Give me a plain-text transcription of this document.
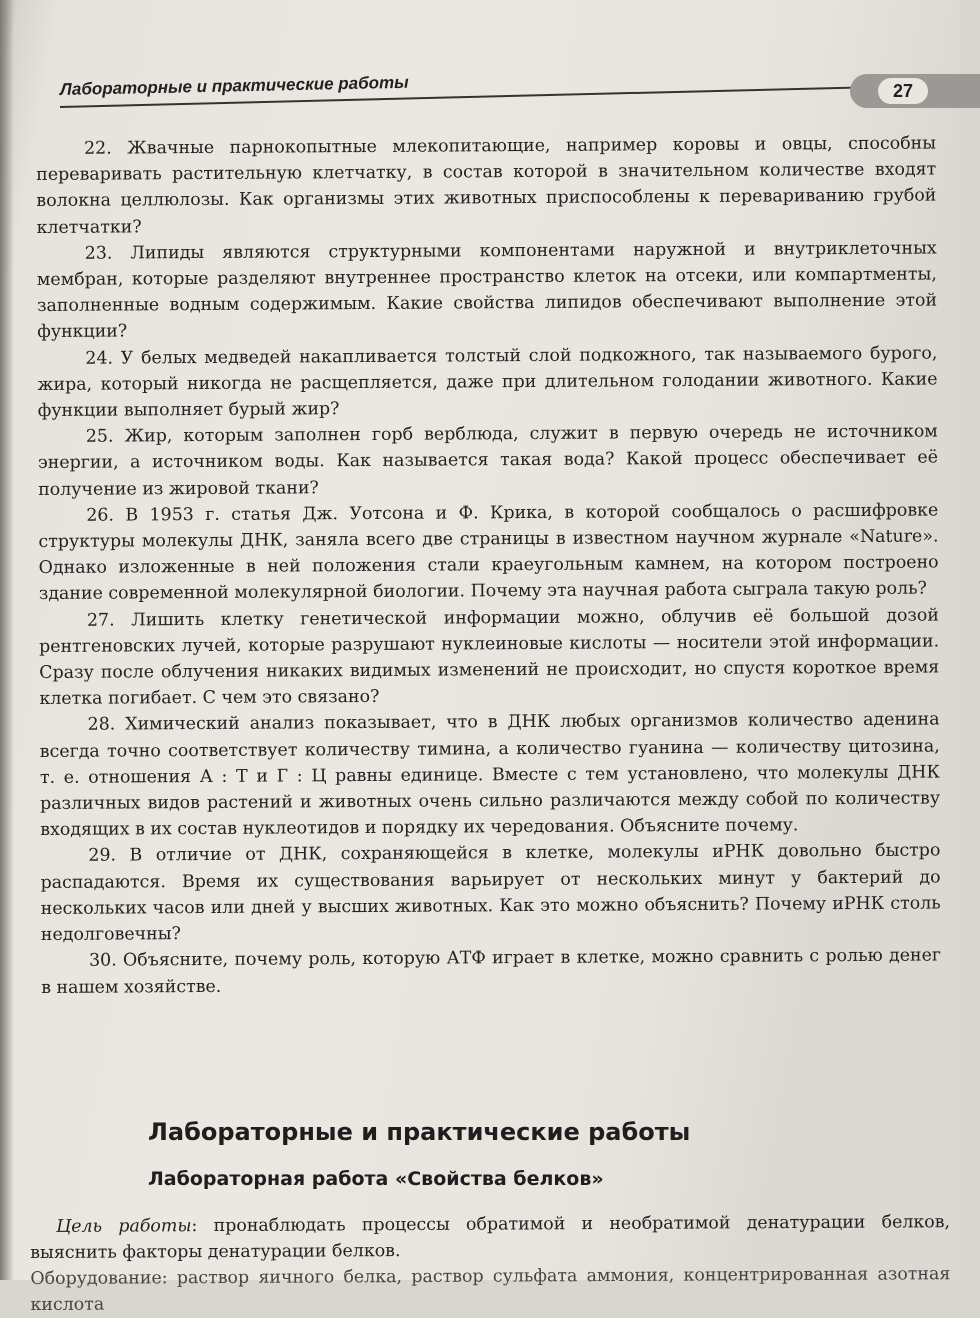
Лабораторные и практические работы	27

22. Жвачные парнокопытные млекопитающие, например коровы и овцы, способны переваривать растительную клетчатку, в состав которой в значительном количестве входят волокна целлюлозы. Как организмы этих животных приспособлены к перевариванию грубой клетчатки?

23. Липиды являются структурными компонентами наружной и внутриклеточных мембран, которые разделяют внутреннее пространство клеток на отсеки, или компартменты, заполненные водным содержимым. Какие свойства липидов обеспечивают выполнение этой функции?

24. У белых медведей накапливается толстый слой подкожного, так называемого бурого, жира, который никогда не расщепляется, даже при длительном голодании животного. Какие функции выполняет бурый жир?

25. Жир, которым заполнен горб верблюда, служит в первую очередь не источником энергии, а источником воды. Как называется такая вода? Какой процесс обеспечивает её получение из жировой ткани?

26. В 1953 г. статья Дж. Уотсона и Ф. Крика, в которой сообщалось о расшифровке структуры молекулы ДНК, заняла всего две страницы в известном научном журнале «Nature». Однако изложенные в ней положения стали краеугольным камнем, на котором построено здание современной молекулярной биологии. Почему эта научная работа сыграла такую роль?

27. Лишить клетку генетической информации можно, облучив её большой дозой рентгеновских лучей, которые разрушают нуклеиновые кислоты — носители этой информации. Сразу после облучения никаких видимых изменений не происходит, но спустя короткое время клетка погибает. С чем это связано?

28. Химический анализ показывает, что в ДНК любых организмов количество аденина всегда точно соответствует количеству тимина, а количество гуанина — количеству цитозина, т. е. отношения А : Т и Г : Ц равны единице. Вместе с тем установлено, что молекулы ДНК различных видов растений и животных очень сильно различаются между собой по количеству входящих в их состав нуклеотидов и порядку их чередования. Объясните почему.

29. В отличие от ДНК, сохраняющейся в клетке, молекулы иРНК довольно быстро распадаются. Время их существования варьирует от нескольких минут у бактерий до нескольких часов или дней у высших животных. Как это можно объяснить? Почему иРНК столь недолговечны?

30. Объясните, почему роль, которую АТФ играет в клетке, можно сравнить с ролью денег в нашем хозяйстве.

Лабораторные и практические работы
Лабораторная работа «Свойства белков»
Цель работы: пронаблюдать процессы обратимой и необратимой денатурации белков, выяснить факторы денатурации белков.
Оборудование: раствор яичного белка, раствор сульфата аммония, концентрированная азотная кислота
